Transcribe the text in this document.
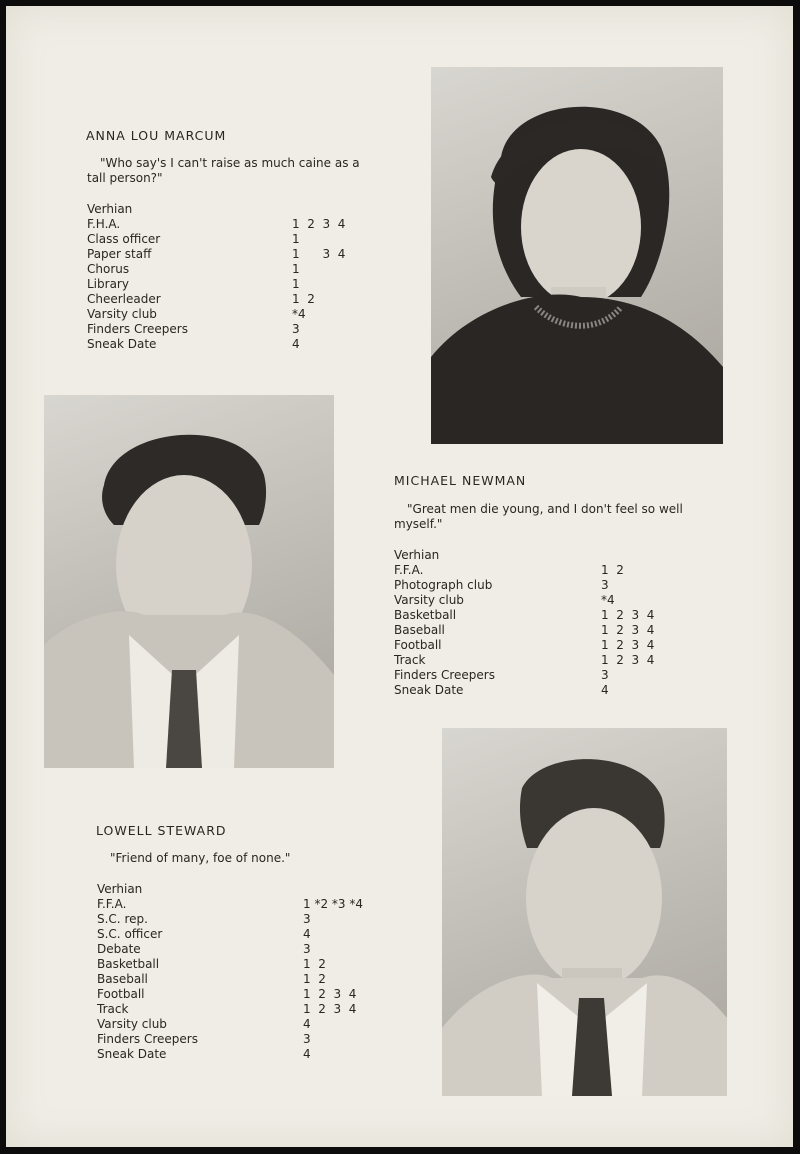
ANNA LOU MARCUM
"Who say's I can't raise as much caine as a tall person?"
Verhian
F.H.A.	1  2  3  4
Class officer	1
Paper staff	1      3  4
Chorus	1
Library	1
Cheerleader	1  2
Varsity club	*4
Finders Creepers	3
Sneak Date	4
MICHAEL NEWMAN
"Great men die young, and I don't feel so well myself."
Verhian
F.F.A.	1  2
Photograph club	3
Varsity club	*4
Basketball	1  2  3  4
Baseball	1  2  3  4
Football	1  2  3  4
Track	1  2  3  4
Finders Creepers	3
Sneak Date	4
LOWELL STEWARD
"Friend of many, foe of none."
Verhian
F.F.A.	1 *2 *3 *4
S.C. rep.	3
S.C. officer	4
Debate	3
Basketball	1  2
Baseball	1  2
Football	1  2  3  4
Track	1  2  3  4
Varsity club	4
Finders Creepers	3
Sneak Date	4
